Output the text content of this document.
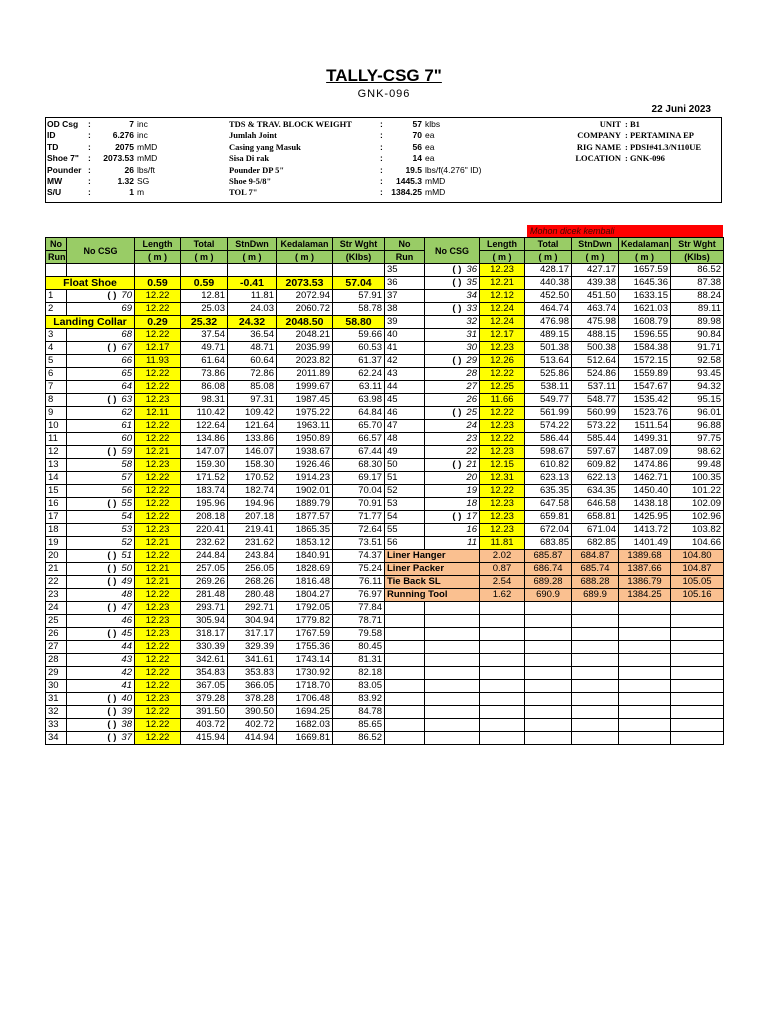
TALLY-CSG 7"
GNK-096
22 Juni 2023
OD Csg :	7 inc
ID	:	6.276 inc
TD	:	2075 mMD
Shoe 7" : 2073.53 mMD
Pounder :	26 lbs/ft
MW	:	1.32 SG
S/U	:	1 m
TDS & TRAV. BLOCK WEIGHT	:	57 klbs
Jumlah Joint	:	70 ea
Casing yang Masuk	:	56 ea
Sisa Di rak	:	14 ea
Pounder DP 5"	:	19.5 lbs/f(4.276" ID)
Shoe 9-5/8"	: 1445.3 mMD
TOL 7"	: 1384.25 mMD
UNIT : B1
COMPANY : PERTAMINA EP
RIG NAME : PDSI#41.3/N110UE
LOCATION : GNK-096
Mohon dicek kembali
No	No CSG	Length	Total	StnDwn	Kedalaman	Str Wght
Run		( m )	( m )	( m )	( m )	(Klbs)

Float Shoe		0.59	0.59	-0.41	2073.53	57.04
1	( ) 70	12.22	12.81	11.81	2072.94	57.91
2	69	12.22	25.03	24.03	2060.72	58.78
Landing Collar		0.29	25.32	24.32	2048.50	58.80
3	68	12.22	37.54	36.54	2048.21	59.66
4	( ) 67	12.17	49.71	48.71	2035.99	60.53
5	66	11.93	61.64	60.64	2023.82	61.37
6	65	12.22	73.86	72.86	2011.89	62.24
7	64	12.22	86.08	85.08	1999.67	63.11
8	( ) 63	12.23	98.31	97.31	1987.45	63.98
9	62	12.11	110.42	109.42	1975.22	64.84
10	61	12.22	122.64	121.64	1963.11	65.70
11	60	12.22	134.86	133.86	1950.89	66.57
12	( ) 59	12.21	147.07	146.07	1938.67	67.44
13	58	12.23	159.30	158.30	1926.46	68.30
14	57	12.22	171.52	170.52	1914.23	69.17
15	56	12.22	183.74	182.74	1902.01	70.04
16	( ) 55	12.22	195.96	194.96	1889.79	70.91
17	54	12.22	208.18	207.18	1877.57	71.77
18	53	12.23	220.41	219.41	1865.35	72.64
19	52	12.21	232.62	231.62	1853.12	73.51
20	( ) 51	12.22	244.84	243.84	1840.91	74.37
21	( ) 50	12.21	257.05	256.05	1828.69	75.24
22	( ) 49	12.21	269.26	268.26	1816.48	76.11
23	48	12.22	281.48	280.48	1804.27	76.97
24	( ) 47	12.23	293.71	292.71	1792.05	77.84
25	46	12.23	305.94	304.94	1779.82	78.71
26	( ) 45	12.23	318.17	317.17	1767.59	79.58
27	44	12.22	330.39	329.39	1755.36	80.45
28	43	12.22	342.61	341.61	1743.14	81.31
29	42	12.22	354.83	353.83	1730.92	82.18
30	41	12.22	367.05	366.05	1718.70	83.05
31	( ) 40	12.23	379.28	378.28	1706.48	83.92
32	( ) 39	12.22	391.50	390.50	1694.25	84.78
33	( ) 38	12.22	403.72	402.72	1682.03	85.65
34	( ) 37	12.22	415.94	414.94	1669.81	86.52
No	No CSG	Length	Total	StnDwn	Kedalaman	Str Wght
Run		( m )	( m )	( m )	( m )	(Klbs)
35	( ) 36	12.23	428.17	427.17	1657.59	86.52
36	( ) 35	12.21	440.38	439.38	1645.36	87.38
37	34	12.12	452.50	451.50	1633.15	88.24
38	( ) 33	12.24	464.74	463.74	1621.03	89.11
39	32	12.24	476.98	475.98	1608.79	89.98
40	31	12.17	489.15	488.15	1596.55	90.84
41	30	12.23	501.38	500.38	1584.38	91.71
42	( ) 29	12.26	513.64	512.64	1572.15	92.58
43	28	12.22	525.86	524.86	1559.89	93.45
44	27	12.25	538.11	537.11	1547.67	94.32
45	26	11.66	549.77	548.77	1535.42	95.15
46	( ) 25	12.22	561.99	560.99	1523.76	96.01
47	24	12.23	574.22	573.22	1511.54	96.88
48	23	12.22	586.44	585.44	1499.31	97.75
49	22	12.23	598.67	597.67	1487.09	98.62
50	( ) 21	12.15	610.82	609.82	1474.86	99.48
51	20	12.31	623.13	622.13	1462.71	100.35
52	19	12.22	635.35	634.35	1450.40	101.22
53	18	12.23	647.58	646.58	1438.18	102.09
54	( ) 17	12.23	659.81	658.81	1425.95	102.96
55	16	12.23	672.04	671.04	1413.72	103.82
56	11	11.81	683.85	682.85	1401.49	104.66
Liner Hanger		2.02	685.87	684.87	1389.68	104.80
Liner Packer		0.87	686.74	685.74	1387.66	104.87
Tie Back SL		2.54	689.28	688.28	1386.79	105.05
Running Tool		1.62	690.9	689.9	1384.25	105.16
